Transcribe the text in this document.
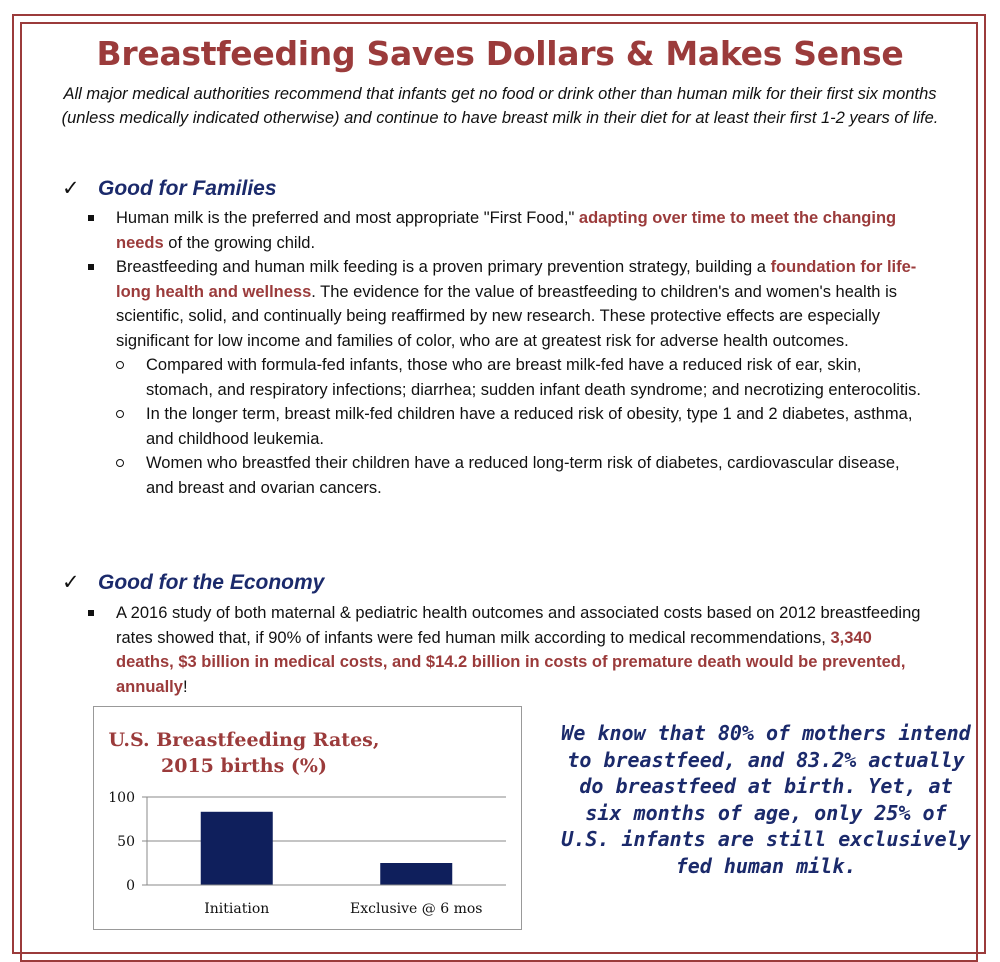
Breastfeeding Saves Dollars & Makes Sense
All major medical authorities recommend that infants get no food or drink other than human milk for their first six months (unless medically indicated otherwise) and continue to have breast milk in their diet for at least their first 1-2 years of life.
✓ Good for Families
Human milk is the preferred and most appropriate "First Food," adapting over time to meet the changing needs of the growing child.
Breastfeeding and human milk feeding is a proven primary prevention strategy, building a foundation for life-long health and wellness. The evidence for the value of breastfeeding to children's and women's health is scientific, solid, and continually being reaffirmed by new research. These protective effects are especially significant for low income and families of color, who are at greatest risk for adverse health outcomes.
Compared with formula-fed infants, those who are breast milk-fed have a reduced risk of ear, skin, stomach, and respiratory infections; diarrhea; sudden infant death syndrome; and necrotizing enterocolitis.
In the longer term, breast milk-fed children have a reduced risk of obesity, type 1 and 2 diabetes, asthma, and childhood leukemia.
Women who breastfed their children have a reduced long-term risk of diabetes, cardiovascular disease, and breast and ovarian cancers.
✓ Good for the Economy
A 2016 study of both maternal & pediatric health outcomes and associated costs based on 2012 breastfeeding rates showed that, if 90% of infants were fed human milk according to medical recommendations, 3,340 deaths, $3 billion in medical costs, and $14.2 billion in costs of premature death would be prevented, annually!
U.S. Breastfeeding Rates,
2015 births (%)
0
50
100
Initiation	Exclusive @ 6 mos
We know that 80% of mothers intend to breastfeed, and 83.2% actually do breastfeed at birth. Yet, at six months of age, only 25% of U.S. infants are still exclusively fed human milk.
